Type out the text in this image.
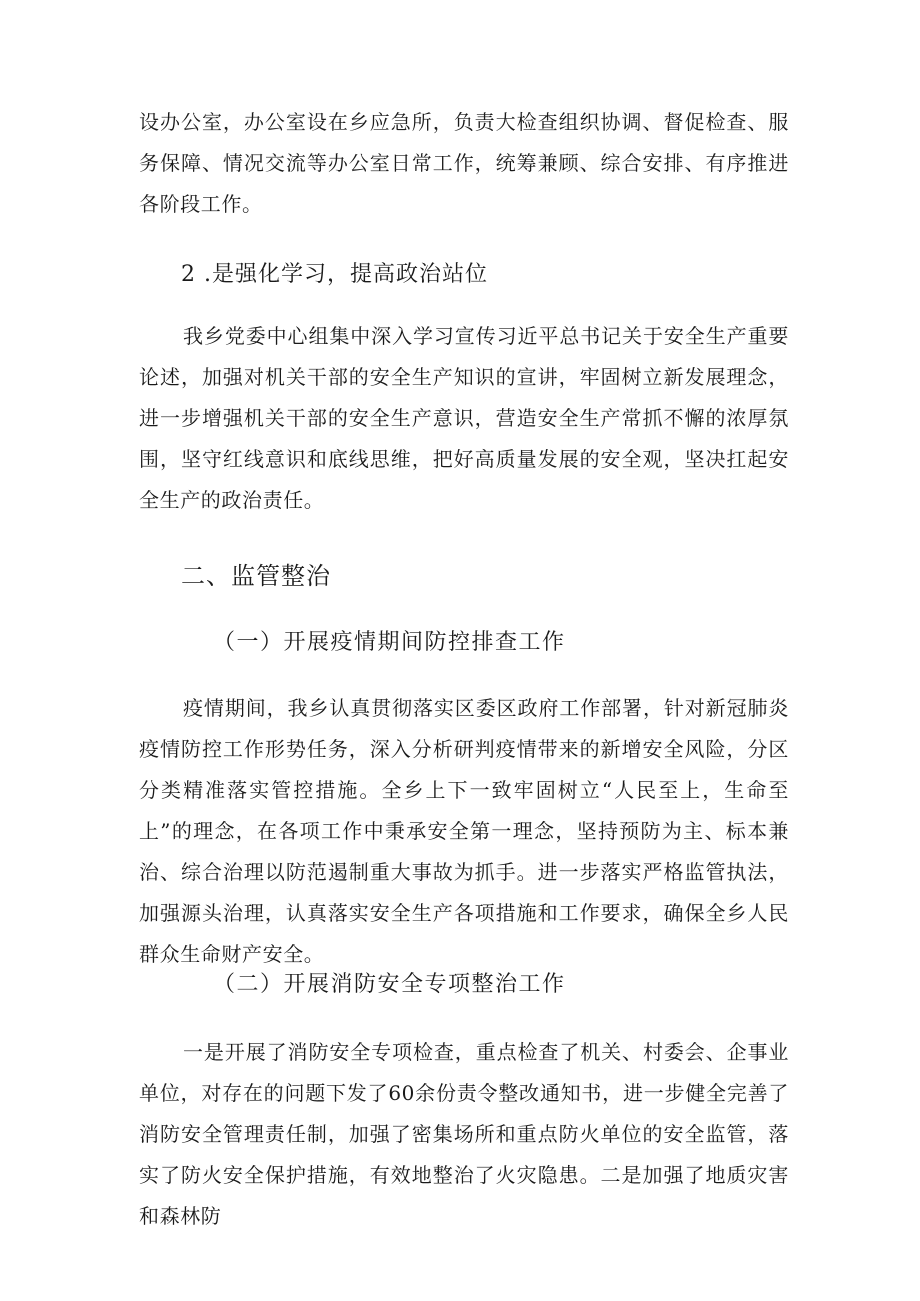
设办公室，办公室设在乡应急所，负责大检查组织协调、督促检查、服务保障、情况交流等办公室日常工作，统筹兼顾、综合安排、有序推进各阶段工作。

2 .是强化学习，提高政治站位

我乡党委中心组集中深入学习宣传习近平总书记关于安全生产重要论述，加强对机关干部的安全生产知识的宣讲，牢固树立新发展理念，进一步增强机关干部的安全生产意识，营造安全生产常抓不懈的浓厚氛围，坚守红线意识和底线思维，把好高质量发展的安全观，坚决扛起安全生产的政治责任。

二、监管整治
（一）开展疫情期间防控排查工作

疫情期间，我乡认真贯彻落实区委区政府工作部署，针对新冠肺炎疫情防控工作形势任务，深入分析研判疫情带来的新增安全风险，分区分类精准落实管控措施。全乡上下一致牢固树立“人民至上，生命至上”的理念，在各项工作中秉承安全第一理念，坚持预防为主、标本兼治、综合治理以防范遏制重大事故为抓手。进一步落实严格监管执法，加强源头治理，认真落实安全生产各项措施和工作要求，确保全乡人民群众生命财产安全。

（二）开展消防安全专项整治工作

一是开展了消防安全专项检查，重点检查了机关、村委会、企事业单位，对存在的问题下发了60余份责令整改通知书，进一步健全完善了消防安全管理责任制，加强了密集场所和重点防火单位的安全监管，落实了防火安全保护措施，有效地整治了火灾隐患。二是加强了地质灾害和森林防
